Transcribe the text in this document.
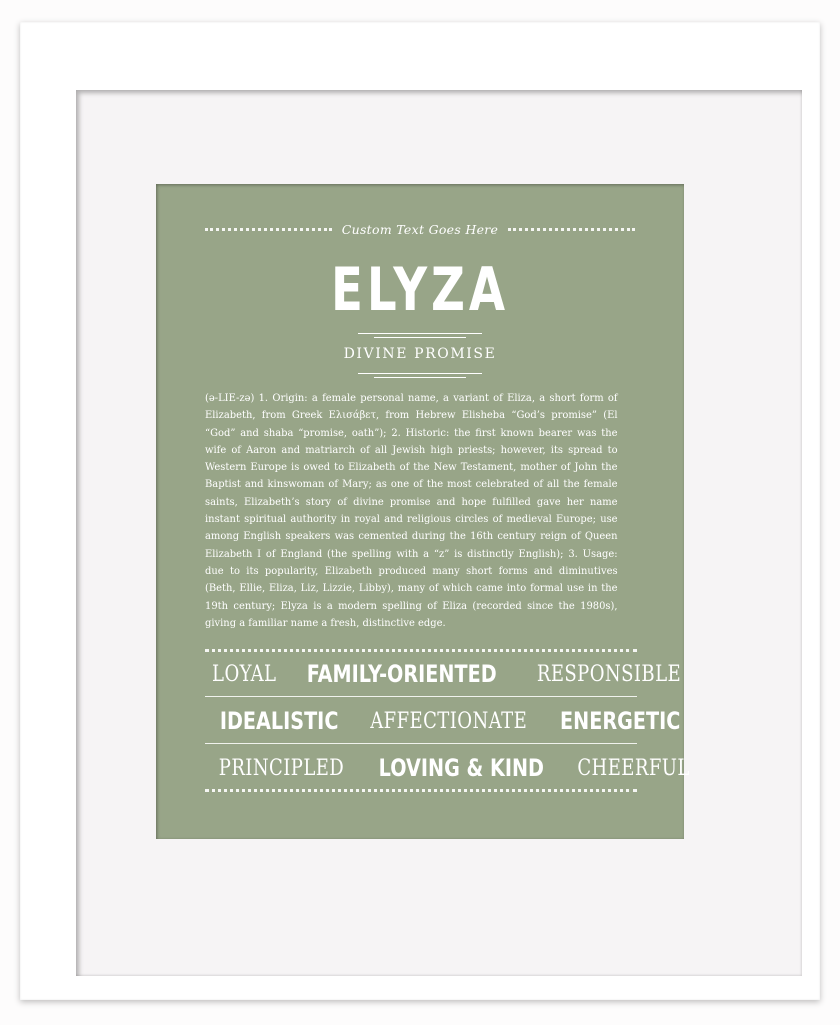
Custom Text Goes Here
ELYZA
DIVINE PROMISE
(ə-LIE-zə) 1. Origin: a female personal name, a variant of Eliza, a short form of Elizabeth, from Greek Ελισάβετ, from Hebrew Elisheba “God’s promise” (El “God” and shaba “promise, oath”); 2. Historic: the first known bearer was the wife of Aaron and matriarch of all Jewish high priests; however, its spread to Western Europe is owed to Elizabeth of the New Testament, mother of John the Baptist and kinswoman of Mary; as one of the most celebrated of all the female saints, Elizabeth’s story of divine promise and hope fulfilled gave her name instant spiritual authority in royal and religious circles of medieval Europe; use among English speakers was cemented during the 16th century reign of Queen Elizabeth I of England (the spelling with a “z” is distinctly English); 3. Usage: due to its popularity, Elizabeth produced many short forms and diminutives (Beth, Ellie, Eliza, Liz, Lizzie, Libby), many of which came into formal use in the 19th century; Elyza is a modern spelling of Eliza (recorded since the 1980s), giving a familiar name a fresh, distinctive edge.
LOYAL FAMILY-ORIENTED RESPONSIBLE
IDEALISTIC AFFECTIONATE ENERGETIC
PRINCIPLED LOVING & KIND CHEERFUL
